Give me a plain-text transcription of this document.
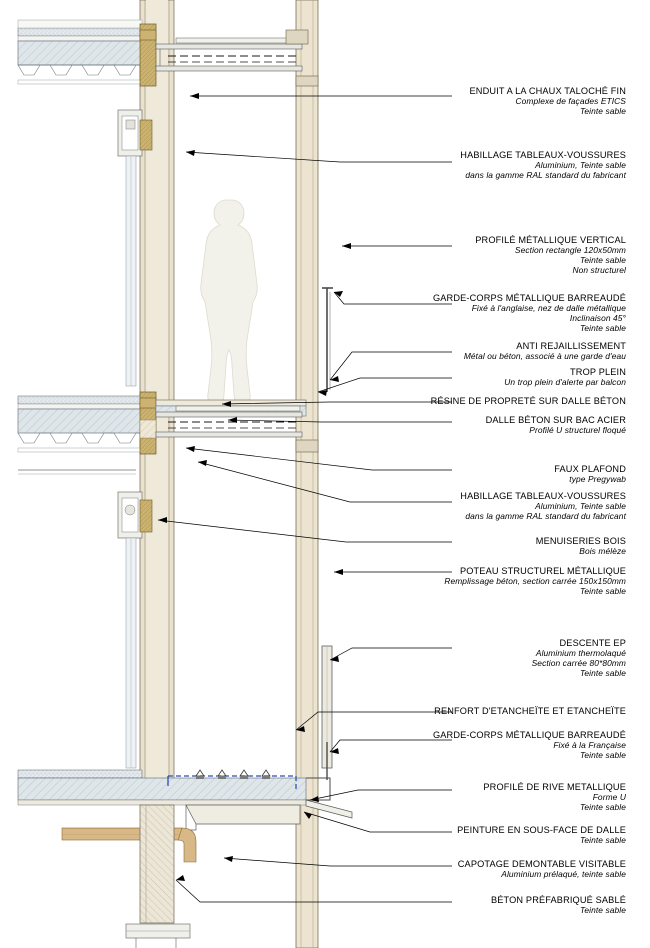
ENDUIT A LA CHAUX TALOCHÉ FIN
Complexe de façades ETICS
Teinte sable
HABILLAGE TABLEAUX-VOUSSURES
Aluminium, Teinte sable
dans la gamme RAL standard du fabricant
PROFILÉ MÉTALLIQUE VERTICAL
Section rectangle 120x50mm
Teinte sable
Non structurel
GARDE-CORPS MÉTALLIQUE BARREAUDÉ
Fixé à l'anglaise, nez de dalle métallique
Inclinaison 45°
Teinte sable
ANTI REJAILLISSEMENT
Métal ou béton, associé à une garde d'eau
TROP PLEIN
Un trop plein d'alerte par balcon
RÉSINE DE PROPRETÉ SUR DALLE BÉTON
DALLE BÉTON SUR BAC ACIER
Profilé U structurel floqué
FAUX PLAFOND
type Pregywab
HABILLAGE TABLEAUX-VOUSSURES
Aluminium, Teinte sable
dans la gamme RAL standard du fabricant
MENUISERIES BOIS
Bois mélèze
POTEAU STRUCTUREL MÉTALLIQUE
Remplissage béton, section carrée 150x150mm
Teinte sable
DESCENTE EP
Aluminium thermolaqué
Section carrée 80*80mm
Teinte sable
RENFORT D'ETANCHEÏTE ET ETANCHEÏTE
GARDE-CORPS MÉTALLIQUE BARREAUDÉ
Fixé à la Française
Teinte sable
PROFILÉ DE RIVE METALLIQUE
Forme U
Teinte sable
PEINTURE EN SOUS-FACE DE DALLE
Teinte sable
CAPOTAGE DEMONTABLE VISITABLE
Aluminium prélaqué, teinte sable
BÉTON PRÉFABRIQUÉ SABLÉ
Teinte sable
